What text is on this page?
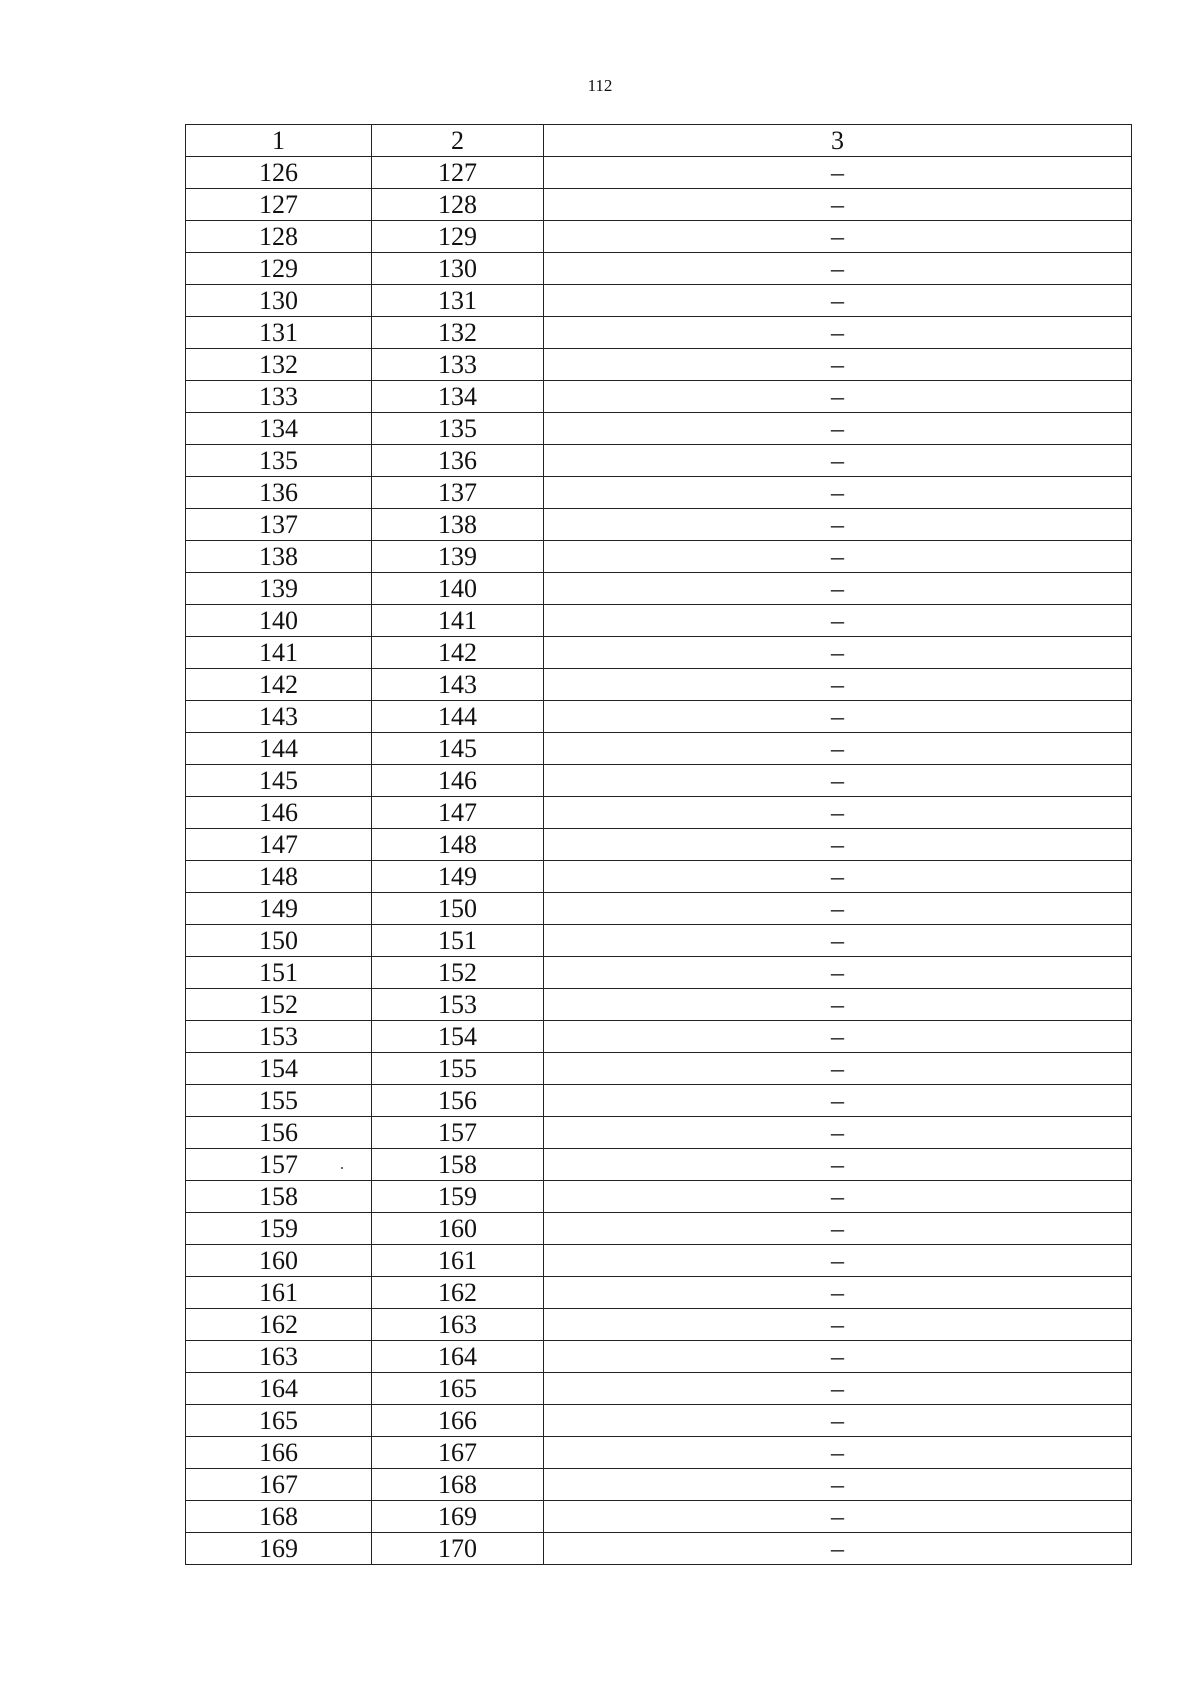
112
1	2	3
126	127	–
127	128	–
128	129	–
129	130	–
130	131	–
131	132	–
132	133	–
133	134	–
134	135	–
135	136	–
136	137	–
137	138	–
138	139	–
139	140	–
140	141	–
141	142	–
142	143	–
143	144	–
144	145	–
145	146	–
146	147	–
147	148	–
148	149	–
149	150	–
150	151	–
151	152	–
152	153	–
153	154	–
154	155	–
155	156	–
156	157	–
157	158	–
158	159	–
159	160	–
160	161	–
161	162	–
162	163	–
163	164	–
164	165	–
165	166	–
166	167	–
167	168	–
168	169	–
169	170	–
